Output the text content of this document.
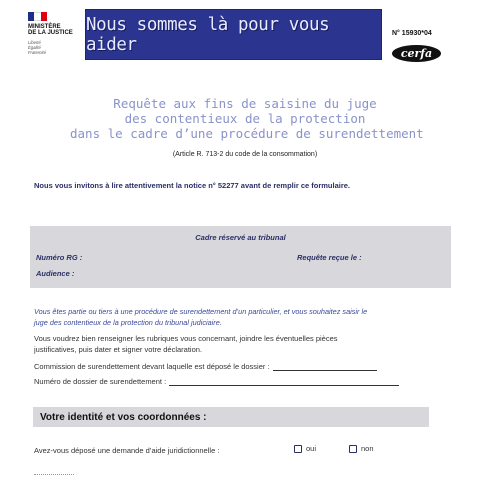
MINISTÈRE
DE LA JUSTICE
Liberté
Égalité
Fraternité
Nous sommes là pour vous aider
N° 15930*04
cerfa
Requête aux fins de saisine du juge
des contentieux de la protection
dans le cadre d’une procédure de surendettement
(Article R. 713-2 du code de la consommation)
Nous vous invitons à lire attentivement la notice n° 52277 avant de remplir ce formulaire.
Cadre réservé au tribunal
Numéro RG :
Audience :
Requête reçue le :
Vous êtes partie ou tiers à une procédure de surendettement d’un particulier, et vous souhaitez saisir le
juge des contentieux de la protection du tribunal judiciaire.
Vous voudrez bien renseigner les rubriques vous concernant, joindre les éventuelles pièces
justificatives, puis dater et signer votre déclaration.
Commission de surendettement devant laquelle est déposé le dossier :
Numéro de dossier de surendettement :
Votre identité et vos coordonnées :
Avez-vous déposé une demande d’aide juridictionnelle :	oui	non
